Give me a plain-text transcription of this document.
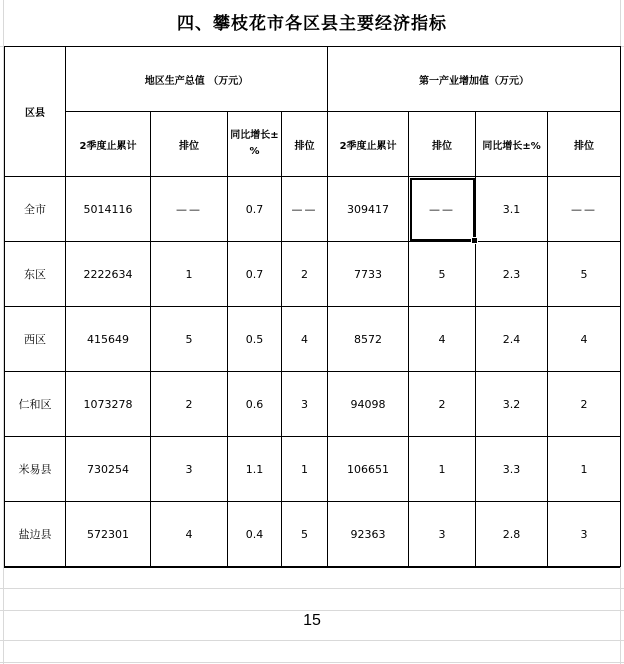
四、攀枝花市各区县主要经济指标
区县	地区生产总值 （万元）				第一产业增加值（万元）			
	2季度止累计	排位	同比增长±%	排位	2季度止累计	排位	同比增长±%	排位
全市	5014116	——	0.7	——	309417	——	3.1	——
东区	2222634	1	0.7	2	7733	5	2.3	5
西区	415649	5	0.5	4	8572	4	2.4	4
仁和区	1073278	2	0.6	3	94098	2	3.2	2
米易县	730254	3	1.1	1	106651	1	3.3	1
盐边县	572301	4	0.4	5	92363	3	2.8	3
15
